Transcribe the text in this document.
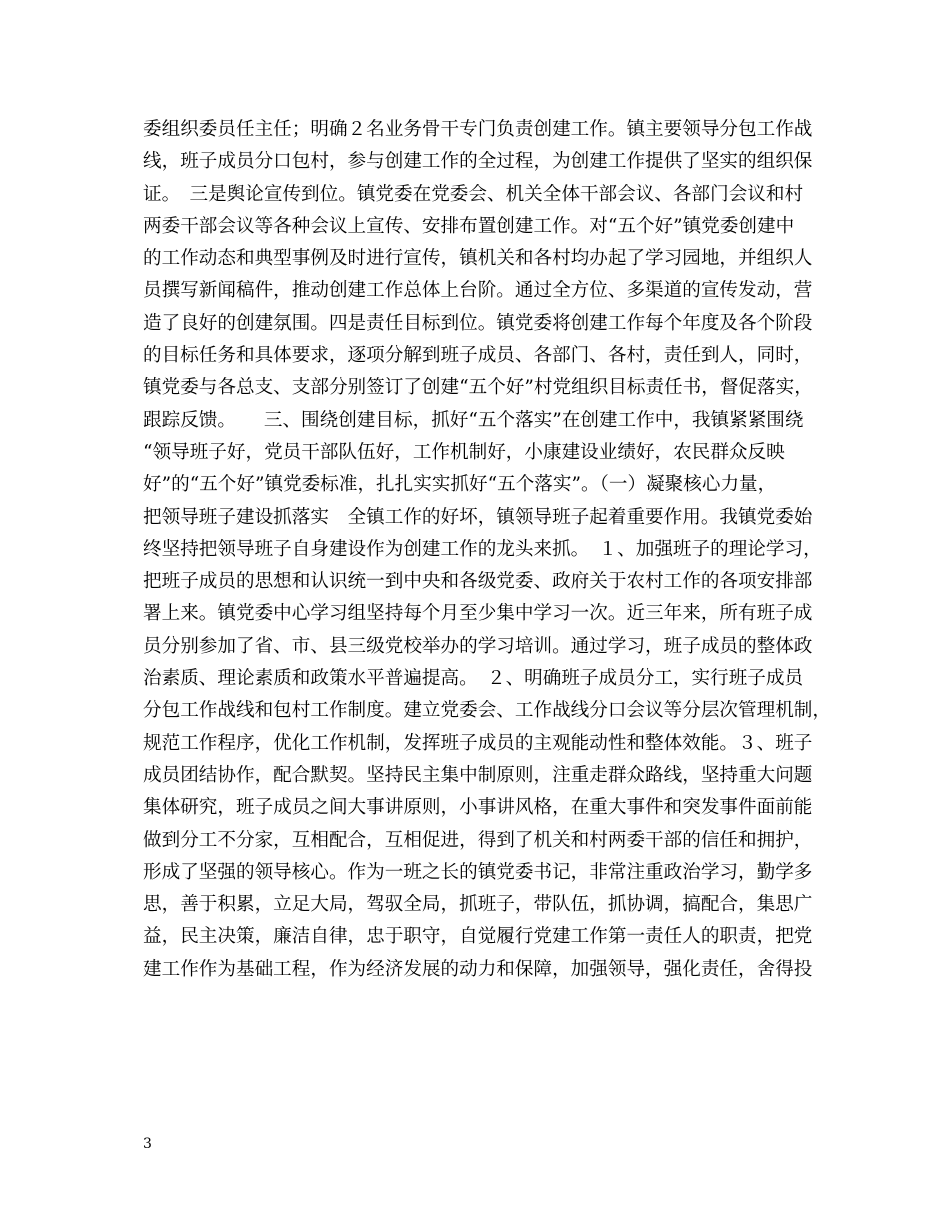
委组织委员任主任；明确２名业务骨干专门负责创建工作。镇主要领导分包工作战
线，班子成员分口包村，参与创建工作的全过程，为创建工作提供了坚实的组织保
证。　三是舆论宣传到位。镇党委在党委会、机关全体干部会议、各部门会议和村
两委干部会议等各种会议上宣传、安排布置创建工作。对“五个好”镇党委创建中
的工作动态和典型事例及时进行宣传，镇机关和各村均办起了学习园地，并组织人
员撰写新闻稿件，推动创建工作总体上台阶。通过全方位、多渠道的宣传发动，营
造了良好的创建氛围。四是责任目标到位。镇党委将创建工作每个年度及各个阶段
的目标任务和具体要求，逐项分解到班子成员、各部门、各村，责任到人，同时，
镇党委与各总支、支部分别签订了创建“五个好”村党组织目标责任书，督促落实，
跟踪反馈。　　三、围绕创建目标，抓好“五个落实”在创建工作中，我镇紧紧围绕
“领导班子好，党员干部队伍好，工作机制好，小康建设业绩好，农民群众反映
好”的“五个好”镇党委标准，扎扎实实抓好“五个落实”。（一）凝聚核心力量，
把领导班子建设抓落实　全镇工作的好坏，镇领导班子起着重要作用。我镇党委始
终坚持把领导班子自身建设作为创建工作的龙头来抓。　１、加强班子的理论学习，
把班子成员的思想和认识统一到中央和各级党委、政府关于农村工作的各项安排部
署上来。镇党委中心学习组坚持每个月至少集中学习一次。近三年来，所有班子成
员分别参加了省、市、县三级党校举办的学习培训。通过学习，班子成员的整体政
治素质、理论素质和政策水平普遍提高。　２、明确班子成员分工，实行班子成员
分包工作战线和包村工作制度。建立党委会、工作战线分口会议等分层次管理机制，
规范工作程序，优化工作机制，发挥班子成员的主观能动性和整体效能。３、班子
成员团结协作，配合默契。坚持民主集中制原则，注重走群众路线，坚持重大问题
集体研究，班子成员之间大事讲原则，小事讲风格，在重大事件和突发事件面前能
做到分工不分家，互相配合，互相促进，得到了机关和村两委干部的信任和拥护，
形成了坚强的领导核心。作为一班之长的镇党委书记，非常注重政治学习，勤学多
思，善于积累，立足大局，驾驭全局，抓班子，带队伍，抓协调，搞配合，集思广
益，民主决策，廉洁自律，忠于职守，自觉履行党建工作第一责任人的职责，把党
建工作作为基础工程，作为经济发展的动力和保障，加强领导，强化责任，舍得投
3
